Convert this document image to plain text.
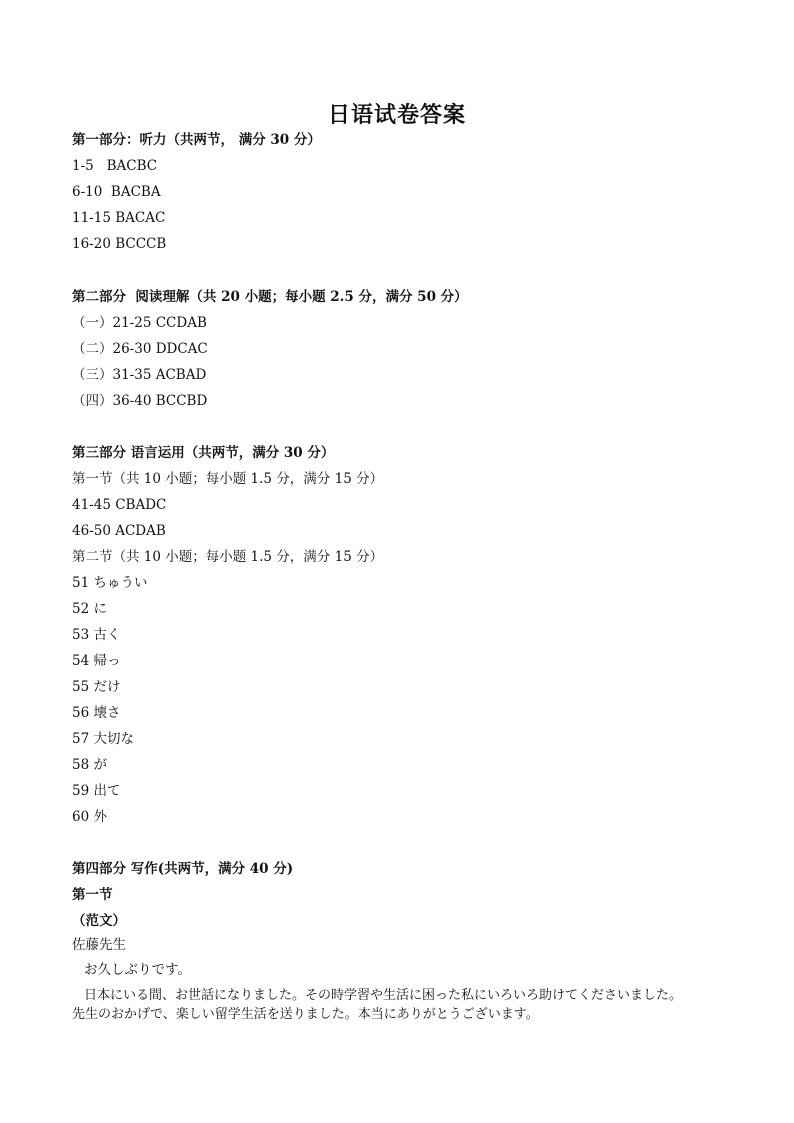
日语试卷答案
第一部分：听力（共两节， 满分 30 分）
1-5   BACBC
6-10  BACBA
11-15 BACAC
16-20 BCCCB
第二部分  阅读理解（共 20 小题；每小题 2.5 分，满分 50 分）
（一）21-25 CCDAB
（二）26-30 DDCAC
（三）31-35 ACBAD
（四）36-40 BCCBD
第三部分 语言运用（共两节，满分 30 分）
第一节（共 10 小题；每小题 1.5 分，满分 15 分）
41-45 CBADC
46-50 ACDAB
第二节（共 10 小题；每小题 1.5 分，满分 15 分）
51 ちゅうい
52 に
53 古く
54 帰っ
55 だけ
56 壊さ
57 大切な
58 が
59 出て
60 外
第四部分 写作(共两节，满分 40 分)
第一节
（范文）
佐藤先生
お久しぶりです。
日本にいる間、お世話になりました。その時学習や生活に困った私にいろいろ助けてくださいました。
先生のおかげで、楽しい留学生活を送りました。本当にありがとうございます。
